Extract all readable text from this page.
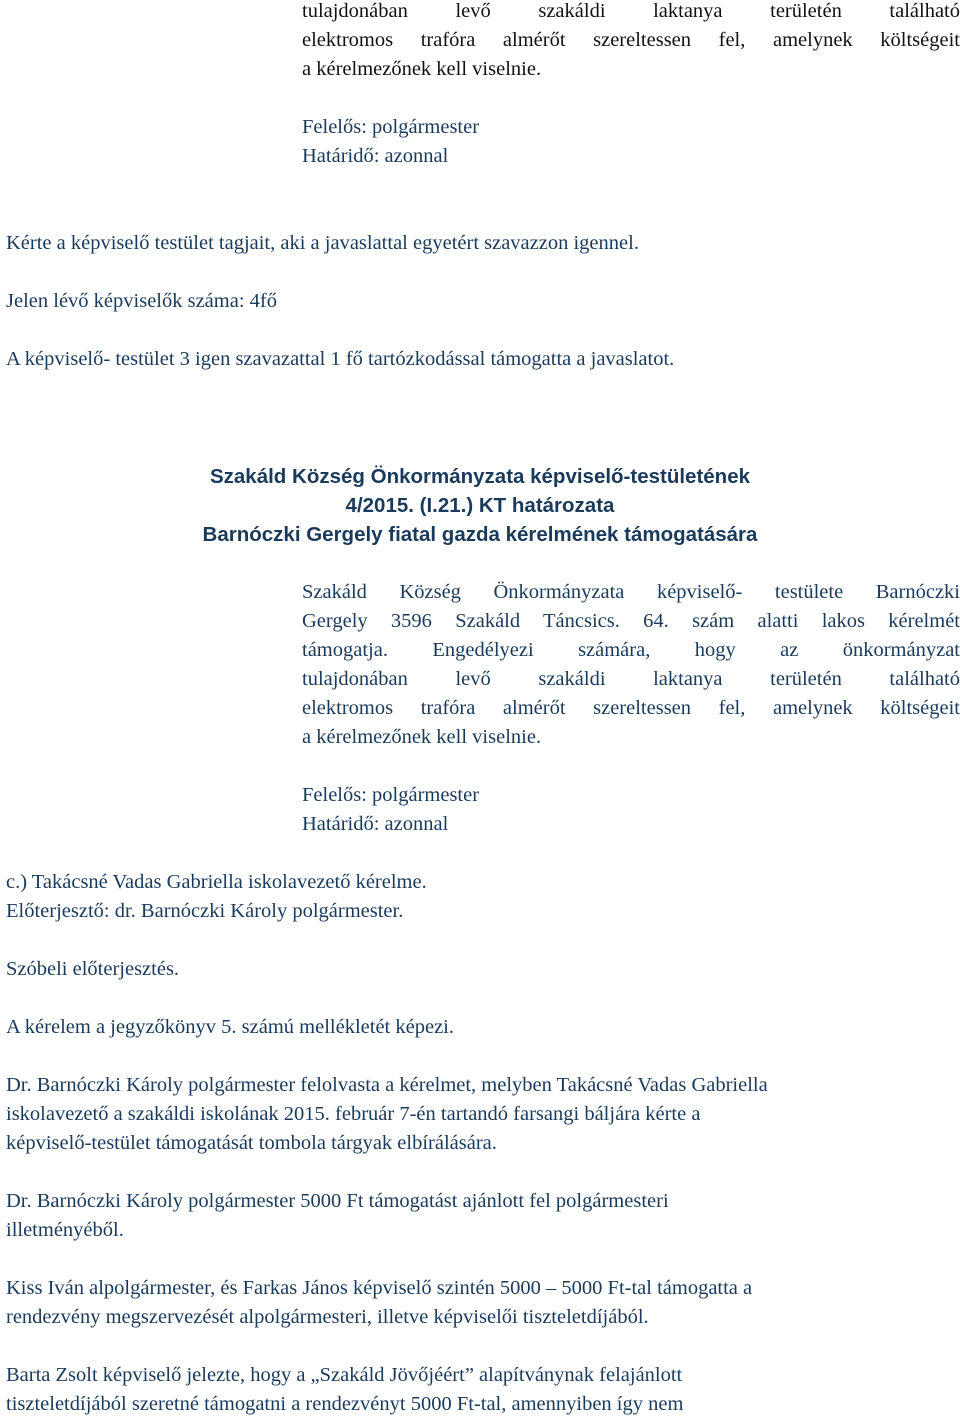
tulajdonában levő szakáldi laktanya területén található

elektromos trafóra almérőt szereltessen fel, amelynek költségeit

a kérelmezőnek kell viselnie.

Felelős: polgármester

Határidő: azonnal

Kérte a képviselő testület tagjait, aki a javaslattal egyetért szavazzon igennel.

Jelen lévő képviselők száma: 4fő

A képviselő- testület 3 igen szavazattal 1 fő tartózkodással támogatta a javaslatot.

Szakáld Község Önkormányzata képviselő-testületének

4/2015. (I.21.) KT határozata

Barnóczki Gergely fiatal gazda kérelmének támogatására

Szakáld Község Önkormányzata képviselő- testülete Barnóczki

Gergely 3596 Szakáld Táncsics. 64. szám alatti lakos kérelmét

támogatja. Engedélyezi számára, hogy az önkormányzat

tulajdonában levő szakáldi laktanya területén található

elektromos trafóra almérőt szereltessen fel, amelynek költségeit

a kérelmezőnek kell viselnie.

Felelős: polgármester

Határidő: azonnal

c.) Takácsné Vadas Gabriella iskolavezető kérelme.

Előterjesztő: dr. Barnóczki Károly polgármester.

Szóbeli előterjesztés.

A kérelem a jegyzőkönyv 5. számú mellékletét képezi.

Dr. Barnóczki Károly polgármester felolvasta a kérelmet, melyben Takácsné Vadas Gabriella

iskolavezető a szakáldi iskolának 2015. február 7-én tartandó farsangi báljára kérte a

képviselő-testület támogatását tombola tárgyak elbírálására.

Dr. Barnóczki Károly polgármester 5000 Ft támogatást ajánlott fel polgármesteri

illetményéből.

Kiss Iván alpolgármester, és Farkas János képviselő szintén 5000 – 5000 Ft-tal támogatta a

rendezvény megszervezését alpolgármesteri, illetve képviselői tiszteletdíjából.

Barta Zsolt képviselő jelezte, hogy a „Szakáld Jövőjéért” alapítványnak felajánlott

tiszteletdíjából szeretné támogatni a rendezvényt 5000 Ft-tal, amennyiben így nem
